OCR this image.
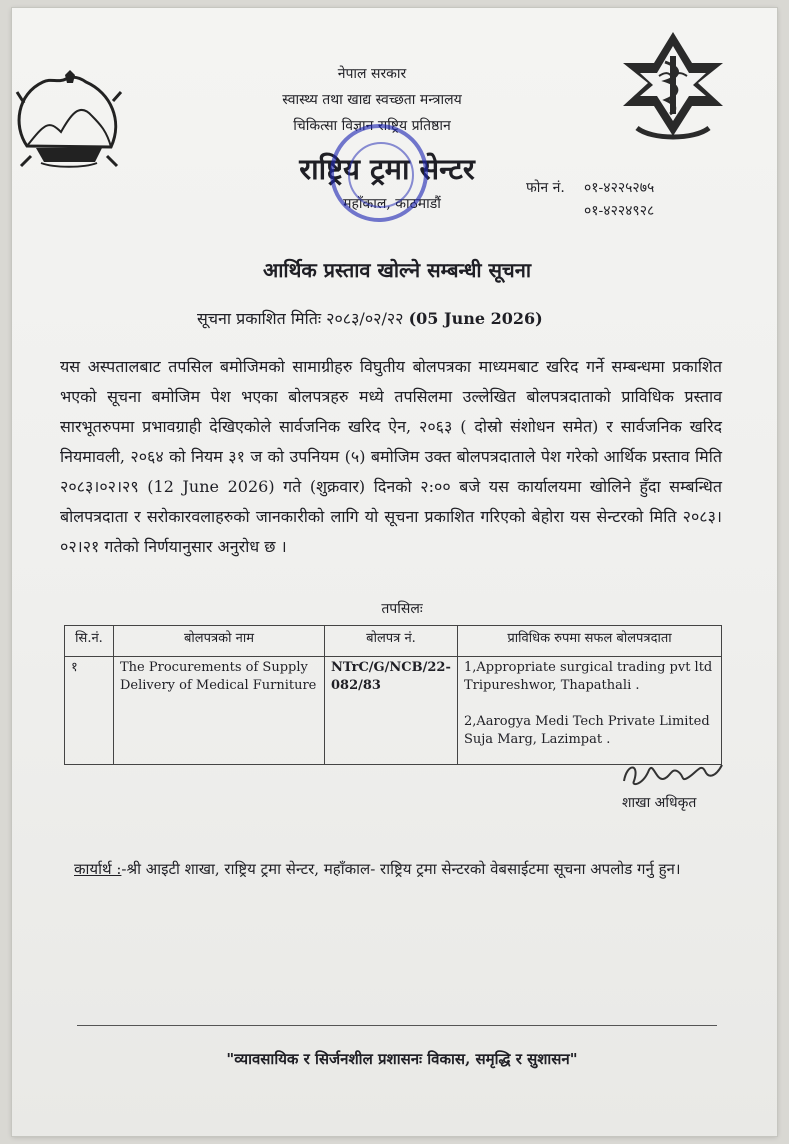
नेपाल सरकार
स्वास्थ्य तथा खाद्य स्वच्छता मन्त्रालय
चिकित्सा विज्ञान राष्ट्रिय प्रतिष्ठान
राष्ट्रिय ट्रमा सेन्टर
महाँकाल, काठमाडौं
फोन नं.	०१-४२२५२७५
०१-४२२४९२८
आर्थिक प्रस्ताव खोल्ने सम्बन्धी सूचना
सूचना प्रकाशित मितिः २०८३/०२/२२ (05 June 2026)
यस अस्पतालबाट तपसिल बमोजिमको सामाग्रीहरु विघुतीय बोलपत्रका माध्यमबाट खरिद गर्ने सम्बन्धमा प्रकाशित भएको सूचना बमोजिम पेश भएका बोलपत्रहरु मध्ये तपसिलमा उल्लेखित बोलपत्रदाताको प्राविधिक प्रस्ताव सारभूतरुपमा प्रभावग्राही देखिएकोले सार्वजनिक खरिद ऐन, २०६३ ( दोस्रो संशोधन समेत) र सार्वजनिक खरिद नियमावली, २०६४ को नियम ३१ ज को उपनियम (५) बमोजिम उक्त बोलपत्रदाताले पेश गरेको आर्थिक प्रस्ताव मिति २०८३।०२।२९ (12 June 2026) गते (शुक्रवार) दिनको २:०० बजे यस कार्यालयमा खोलिने हुँदा सम्बन्धित बोलपत्रदाता र सरोकारवलाहरुको जानकारीको लागि यो सूचना प्रकाशित गरिएको बेहोरा यस सेन्टरको मिति २०८३।०२।२१ गतेको निर्णयानुसार अनुरोध छ ।
तपसिलः
सि.नं.	बोलपत्रको नाम	बोलपत्र नं.	प्राविधिक रुपमा सफल बोलपत्रदाता
१	The Procurements of Supply Delivery of Medical Furniture	NTrC/G/NCB/22-082/83	1,Appropriate surgical trading pvt ltd Tripureshwor, Thapathali .
2,Aarogya Medi Tech Private Limited Suja Marg, Lazimpat .
शाखा अधिकृत
कार्यार्थ :-श्री आइटी शाखा, राष्ट्रिय ट्रमा सेन्टर, महाँकाल- राष्ट्रिय ट्रमा सेन्टरको वेबसाईटमा सूचना अपलोड गर्नु हुन।
"व्यावसायिक र सिर्जनशील प्रशासनः विकास, समृद्धि र सुशासन"
